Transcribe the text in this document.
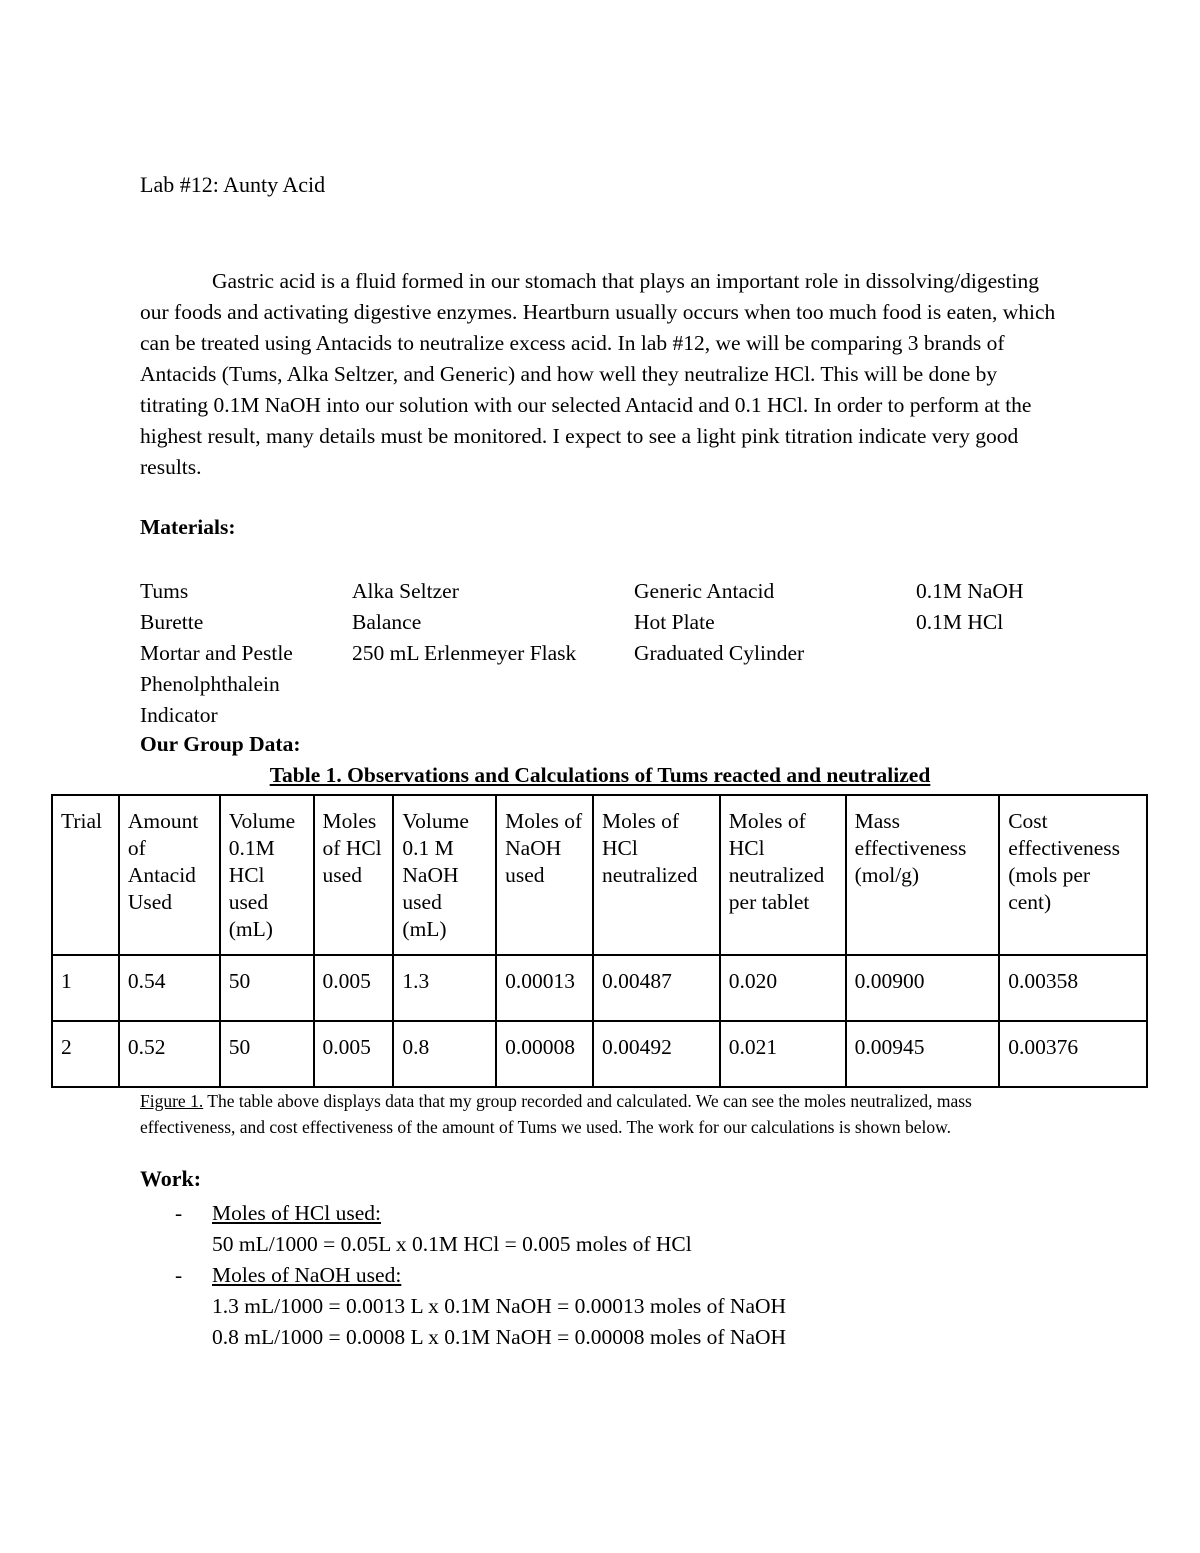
Lab #12: Aunty Acid
Gastric acid is a fluid formed in our stomach that plays an important role in dissolving/digesting our foods and activating digestive enzymes. Heartburn usually occurs when too much food is eaten, which can be treated using Antacids to neutralize excess acid. In lab #12, we will be comparing 3 brands of Antacids (Tums, Alka Seltzer, and Generic) and how well they neutralize HCl. This will be done by titrating 0.1M NaOH into our solution with our selected Antacid and 0.1 HCl. In order to perform at the highest result, many details must be monitored. I expect to see a light pink titration indicate very good results.
Materials:
Tums	Alka Seltzer	Generic Antacid	0.1M NaOH
Burette	Balance	Hot Plate	0.1M HCl
Mortar and Pestle	250 mL Erlenmeyer Flask	Graduated Cylinder
Phenolphthalein Indicator
Our Group Data:
Table 1. Observations and Calculations of Tums reacted and neutralized
Trial	Amount of Antacid Used	Volume 0.1M HCl used (mL)	Moles of HCl used	Volume 0.1 M NaOH used (mL)	Moles of NaOH used	Moles of HCl neutralized	Moles of HCl neutralized per tablet	Mass effectiveness (mol/g)	Cost effectiveness (mols per cent)
1	0.54	50	0.005	1.3	0.00013	0.00487	0.020	0.00900	0.00358
2	0.52	50	0.005	0.8	0.00008	0.00492	0.021	0.00945	0.00376
Figure 1. The table above displays data that my group recorded and calculated. We can see the moles neutralized, mass effectiveness, and cost effectiveness of the amount of Tums we used. The work for our calculations is shown below.
Work:
- Moles of HCl used:
50 mL/1000 = 0.05L x 0.1M HCl = 0.005 moles of HCl
- Moles of NaOH used:
1.3 mL/1000 = 0.0013 L x 0.1M NaOH = 0.00013 moles of NaOH
0.8 mL/1000 = 0.0008 L x 0.1M NaOH = 0.00008 moles of NaOH
